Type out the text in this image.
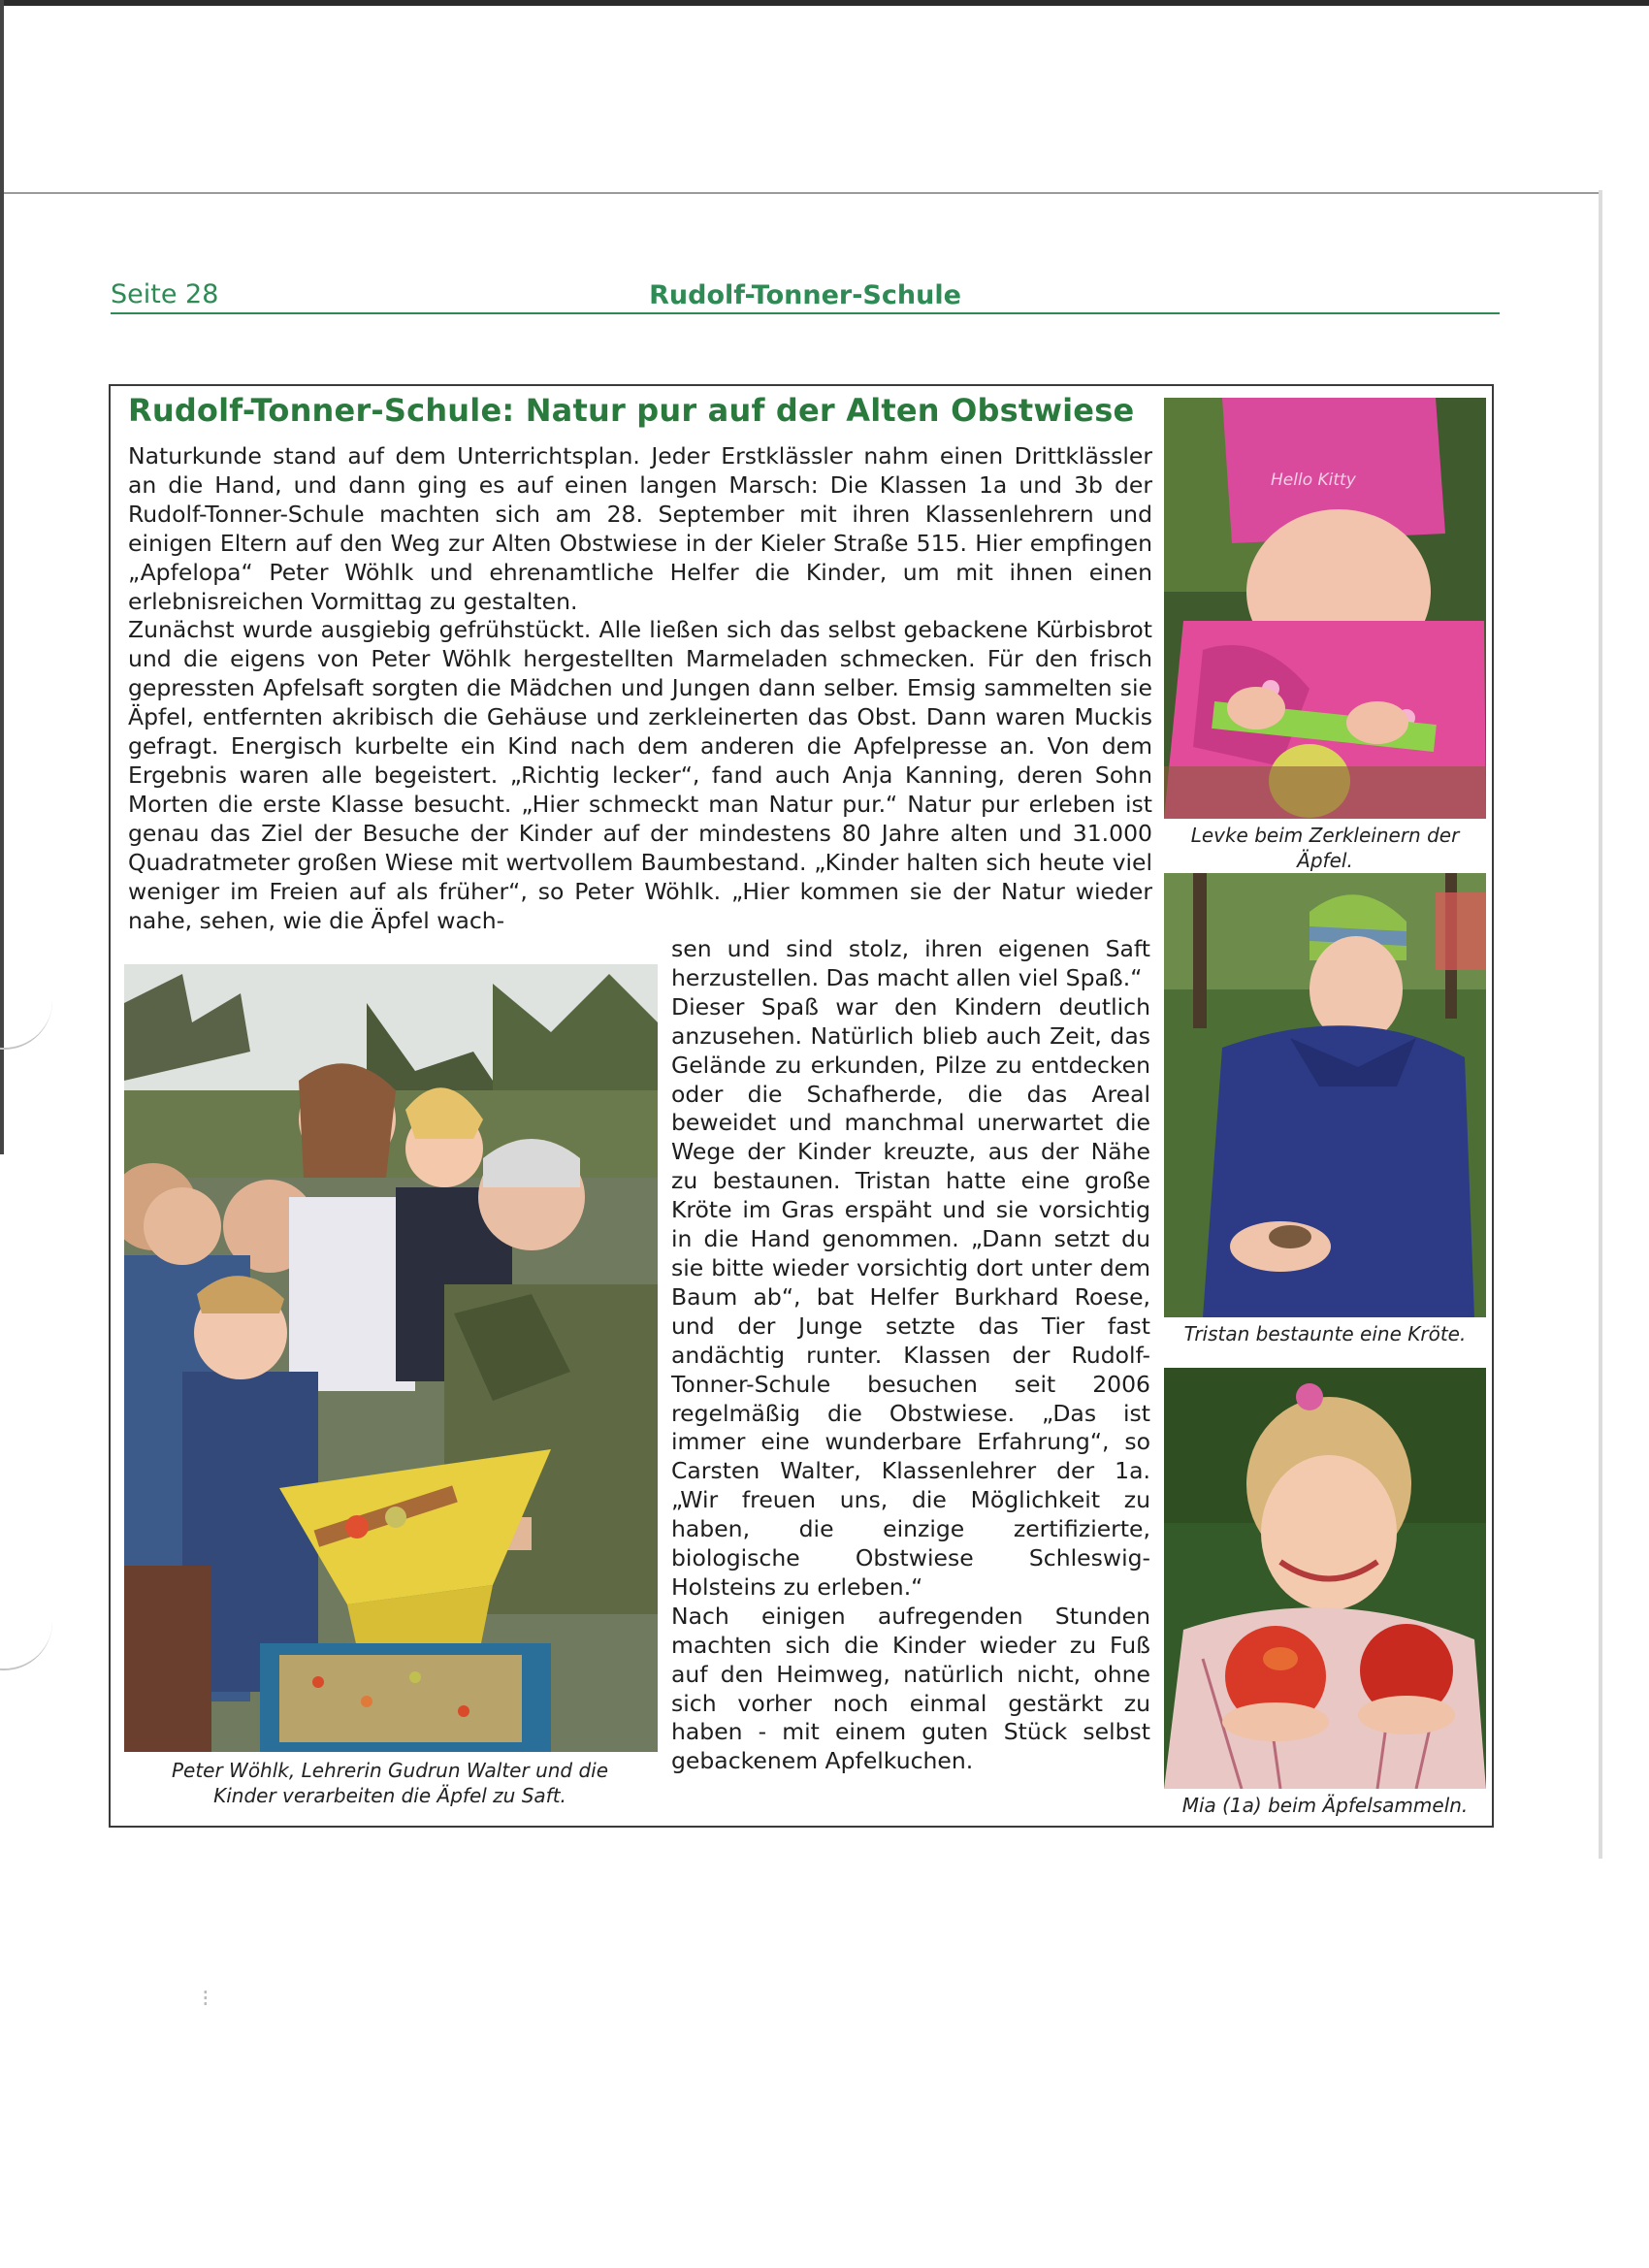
Seite 28	Rudolf-Tonner-Schule
Rudolf-Tonner-Schule: Natur pur auf der Alten Obstwiese

Naturkunde stand auf dem Unterrichtsplan. Jeder Erstklässler nahm einen Drittklässler an die Hand, und dann ging es auf einen langen Marsch: Die Klassen 1a und 3b der Rudolf-Tonner-Schule machten sich am 28. September mit ihren Klassenlehrern und einigen Eltern auf den Weg zur Alten Obstwiese in der Kieler Straße 515. Hier empfingen „Apfelopa“ Peter Wöhlk und ehrenamtliche Helfer die Kinder, um mit ihnen einen erlebnisreichen Vormittag zu gestalten.

Zunächst wurde ausgiebig gefrühstückt. Alle ließen sich das selbst gebackene Kürbisbrot und die eigens von Peter Wöhlk hergestellten Marmeladen schmecken. Für den frisch gepressten Apfelsaft sorgten die Mädchen und Jungen dann selber. Emsig sammelten sie Äpfel, entfernten akribisch die Gehäuse und zerkleinerten das Obst. Dann waren Muckis gefragt. Energisch kurbelte ein Kind nach dem anderen die Apfelpresse an. Von dem Ergebnis waren alle begeistert. „Richtig lecker“, fand auch Anja Kanning, deren Sohn Morten die erste Klasse besucht. „Hier schmeckt man Natur pur.“ Natur pur erleben ist genau das Ziel der Besuche der Kinder auf der mindestens 80 Jahre alten und 31.000 Quadratmeter großen Wiese mit wertvollem Baumbestand. „Kinder halten sich heute viel weniger im Freien auf als früher“, so Peter Wöhlk. „Hier kommen sie der Natur wieder nahe, sehen, wie die Äpfel wach-

sen und sind stolz, ihren eigenen Saft herzustellen. Das macht allen viel Spaß.“

Dieser Spaß war den Kindern deutlich anzusehen. Natürlich blieb auch Zeit, das Gelände zu erkunden, Pilze zu entdecken oder die Schafherde, die das Areal beweidet und manchmal unerwartet die Wege der Kinder kreuzte, aus der Nähe zu bestaunen. Tristan hatte eine große Kröte im Gras erspäht und sie vorsichtig in die Hand genommen. „Dann setzt du sie bitte wieder vorsichtig dort unter dem Baum ab“, bat Helfer Burkhard Roese, und der Junge setzte das Tier fast andächtig runter. Klassen der Rudolf-Tonner-Schule besuchen seit 2006 regelmäßig die Obstwiese. „Das ist immer eine wunderbare Erfahrung“, so Carsten Walter, Klassenlehrer der 1a. „Wir freuen uns, die Möglichkeit zu haben, die einzige zertifizierte, biologische Obstwiese Schleswig-Holsteins zu erleben.“

Nach einigen aufregenden Stunden machten sich die Kinder wieder zu Fuß auf den Heimweg, natürlich nicht, ohne sich vorher noch einmal gestärkt zu haben - mit einem guten Stück selbst gebackenem Apfelkuchen.

Peter Wöhlk, Lehrerin Gudrun Walter und die Kinder verarbeiten die Äpfel zu Saft.
Hello Kitty
Levke beim Zerkleinern der Äpfel.
Tristan bestaunte eine Kröte.
Mia (1a) beim Äpfelsammeln.
⁝
